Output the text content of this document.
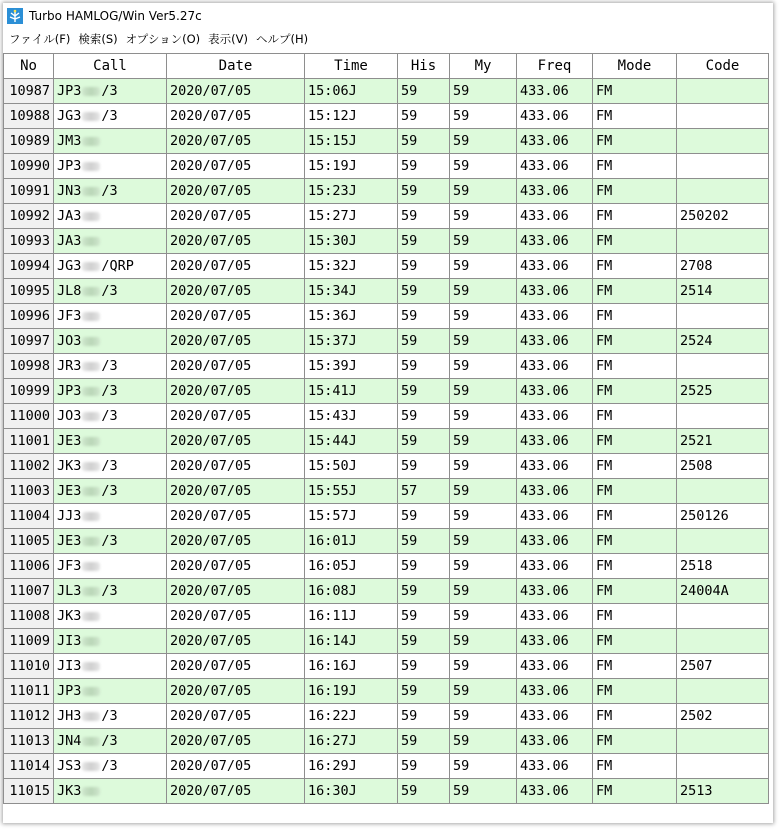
Turbo HAMLOG/Win Ver5.27c
ファイル(F) 検索(S) オプション(O) 表示(V) ヘルプ(H)
No	Call	Date	Time	His	My	Freq	Mode	Code
10987	JP3 /3	2020/07/05	15:06J	59	59	433.06	FM	
10988	JG3 /3	2020/07/05	15:12J	59	59	433.06	FM	
10989	JM3	2020/07/05	15:15J	59	59	433.06	FM	
10990	JP3	2020/07/05	15:19J	59	59	433.06	FM	
10991	JN3 /3	2020/07/05	15:23J	59	59	433.06	FM	
10992	JA3	2020/07/05	15:27J	59	59	433.06	FM	250202
10993	JA3	2020/07/05	15:30J	59	59	433.06	FM	
10994	JG3 /QRP	2020/07/05	15:32J	59	59	433.06	FM	2708
10995	JL8 /3	2020/07/05	15:34J	59	59	433.06	FM	2514
10996	JF3	2020/07/05	15:36J	59	59	433.06	FM	
10997	JO3	2020/07/05	15:37J	59	59	433.06	FM	2524
10998	JR3 /3	2020/07/05	15:39J	59	59	433.06	FM	
10999	JP3 /3	2020/07/05	15:41J	59	59	433.06	FM	2525
11000	JO3 /3	2020/07/05	15:43J	59	59	433.06	FM	
11001	JE3	2020/07/05	15:44J	59	59	433.06	FM	2521
11002	JK3 /3	2020/07/05	15:50J	59	59	433.06	FM	2508
11003	JE3 /3	2020/07/05	15:55J	57	59	433.06	FM	
11004	JJ3	2020/07/05	15:57J	59	59	433.06	FM	250126
11005	JE3 /3	2020/07/05	16:01J	59	59	433.06	FM	
11006	JF3	2020/07/05	16:05J	59	59	433.06	FM	2518
11007	JL3 /3	2020/07/05	16:08J	59	59	433.06	FM	24004A
11008	JK3	2020/07/05	16:11J	59	59	433.06	FM	
11009	JI3	2020/07/05	16:14J	59	59	433.06	FM	
11010	JI3	2020/07/05	16:16J	59	59	433.06	FM	2507
11011	JP3	2020/07/05	16:19J	59	59	433.06	FM	
11012	JH3 /3	2020/07/05	16:22J	59	59	433.06	FM	2502
11013	JN4 /3	2020/07/05	16:27J	59	59	433.06	FM	
11014	JS3 /3	2020/07/05	16:29J	59	59	433.06	FM	
11015	JK3	2020/07/05	16:30J	59	59	433.06	FM	2513
